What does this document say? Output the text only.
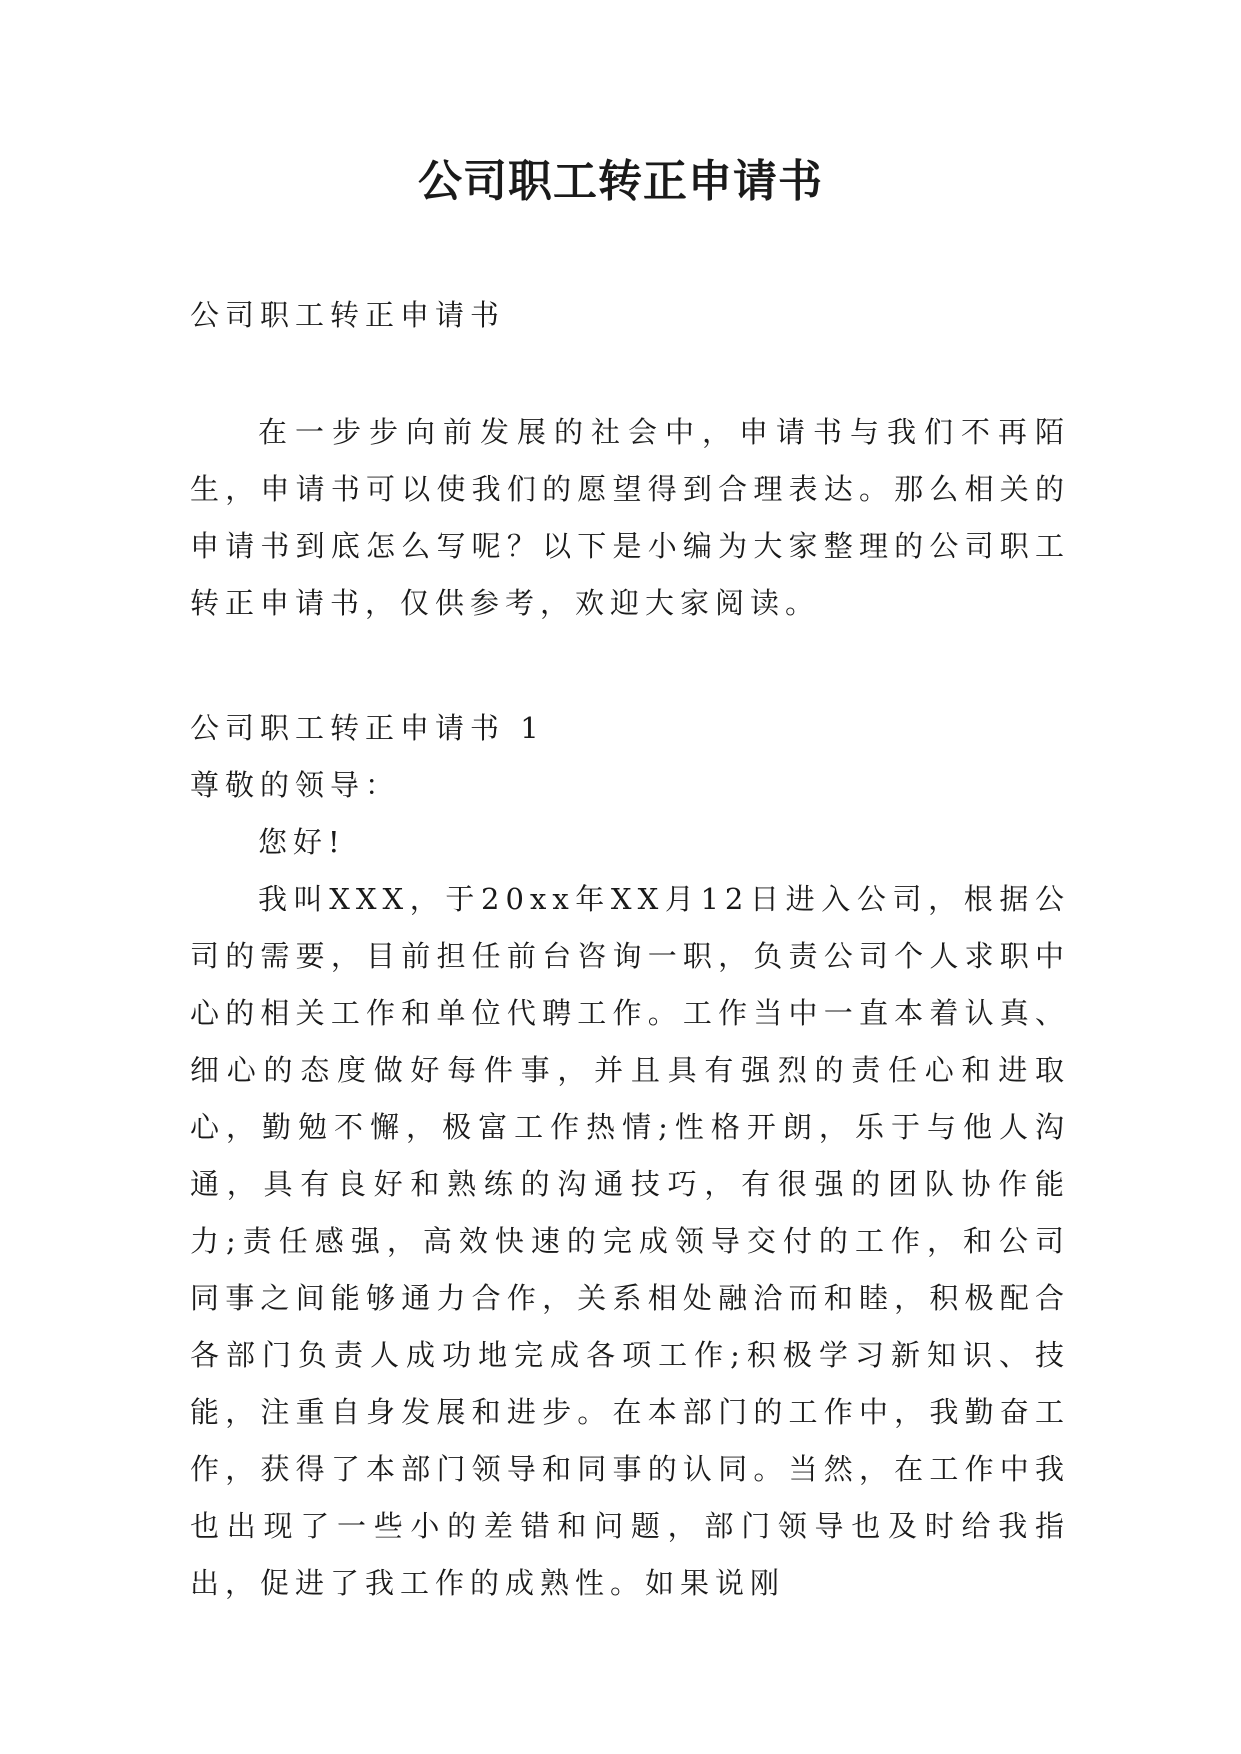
公司职工转正申请书

公司职工转正申请书

在一步步向前发展的社会中，申请书与我们不再陌生，申请书可以使我们的愿望得到合理表达。那么相关的申请书到底怎么写呢？以下是小编为大家整理的公司职工转正申请书，仅供参考，欢迎大家阅读。

公司职工转正申请书 1

尊敬的领导：

您好!

我叫XXX，于20xx年XX月12日进入公司，根据公司的需要，目前担任前台咨询一职，负责公司个人求职中心的相关工作和单位代聘工作。工作当中一直本着认真、细心的态度做好每件事，并且具有强烈的责任心和进取心，勤勉不懈，极富工作热情;性格开朗，乐于与他人沟通，具有良好和熟练的沟通技巧，有很强的团队协作能力;责任感强，高效快速的完成领导交付的工作，和公司同事之间能够通力合作，关系相处融洽而和睦，积极配合各部门负责人成功地完成各项工作;积极学习新知识、技能，注重自身发展和进步。在本部门的工作中，我勤奋工作，获得了本部门领导和同事的认同。当然，在工作中我也出现了一些小的差错和问题，部门领导也及时给我指出，促进了我工作的成熟性。如果说刚
